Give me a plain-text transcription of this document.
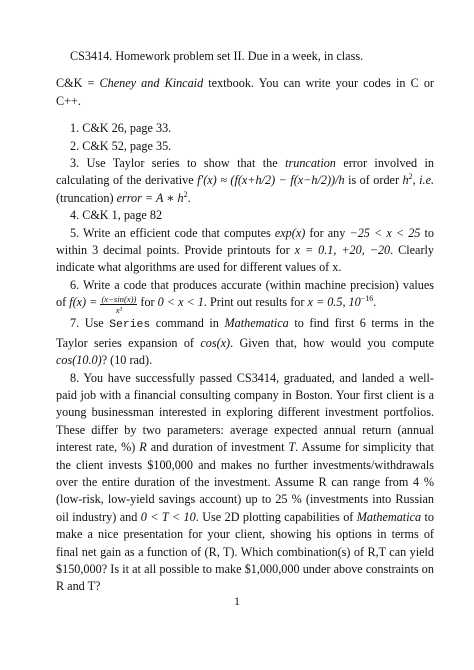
CS3414. Homework problem set II. Due in a week, in class.

C&K = Cheney and Kincaid textbook. You can write your codes in C or C++.

1. C&K 26, page 33.

2. C&K 52, page 35.

3. Use Taylor series to show that the truncation error involved in calculating of the derivative f′(x) ≈ (f(x+h/2) − f(x−h/2))/h is of order $h^2$, i.e. (truncation) error = A ∗ $h^2$.

4. C&K 1, page 82

5. Write an efficient code that computes exp(x) for any −25 < x < 25 to within 3 decimal points. Provide printouts for x = 0.1, +20, −20. Clearly indicate what algorithms are used for different values of x.

6. Write a code that produces accurate (within machine precision) values of $f(x) = \frac{(x-\sin(x))}{\text{x³}}$ for 0 < x < 1. Print out results for x = 0.5, $10^{-16}$.

7. Use Series command in Mathematica to find first 6 terms in the Taylor series expansion of cos(x). Given that, how would you compute cos(10.0)? (10 rad).

8. You have successfully passed CS3414, graduated, and landed a well-paid job with a financial consulting company in Boston. Your first client is a young businessman interested in exploring different investment portfolios. These differ by two parameters: average expected annual return (annual interest rate, %) R and duration of investment T. Assume for simplicity that the client invests $100,000 and makes no further investments/withdrawals over the entire duration of the investment. Assume R can range from 4 % (low-risk, low-yield savings account) up to 25 % (investments into Russian oil industry) and 0 < T < 10. Use 2D plotting capabilities of Mathematica to make a nice presentation for your client, showing his options in terms of final net gain as a function of (R, T). Which combination(s) of R,T can yield $150,000? Is it at all possible to make $1,000,000 under above constraints on R and T?

1
